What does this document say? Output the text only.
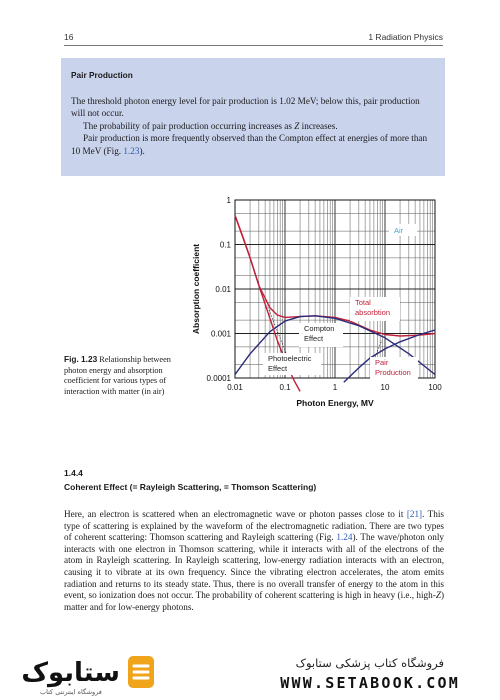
16	1 Radiation Physics

Pair Production

The threshold photon energy level for pair production is 1.02 MeV; below this, pair production will not occur.

The probability of pair production occurring increases as Z increases.

Pair production is more frequently observed than the Compton effect at energies of more than 10 MeV (Fig. 1.23).

Fig. 1.23 Relationship between photon energy and absorption coefficient for various types of interaction with matter (in air)	0.01	0.1	1	10	100
1
0.1
0.01
0.001
0.0001
Photon Energy, MV
Absorption coefficient
Air
Total
absorbtion
Compton
Effect
Photoelectric
Effect
Pair
Production
1.4.4
Coherent Effect (= Rayleigh Scattering, = Thomson Scattering)
Here, an electron is scattered when an electromagnetic wave or photon passes close to it [21]. This type of scattering is explained by the waveform of the electromagnetic radiation. There are two types of coherent scattering: Thomson scattering and Rayleigh scattering (Fig. 1.24). The wave/photon only interacts with one electron in Thomson scattering, while it interacts with all of the electrons of the atom in Rayleigh scattering. In Rayleigh scattering, low-energy radiation interacts with an electron, causing it to vibrate at its own frequency. Since the vibrating electron accelerates, the atom emits radiation and returns to its steady state. Thus, there is no overall transfer of energy to the atom in this event, so ionization does not occur. The probability of coherent scattering is high in heavy (i.e., high-Z) matter and for low-energy photons.
ستابوک
فروشگاه اینترنتی کتاب
فروشگاه کتاب پزشکی ستابوک
WWW.SETABOOK.COM
